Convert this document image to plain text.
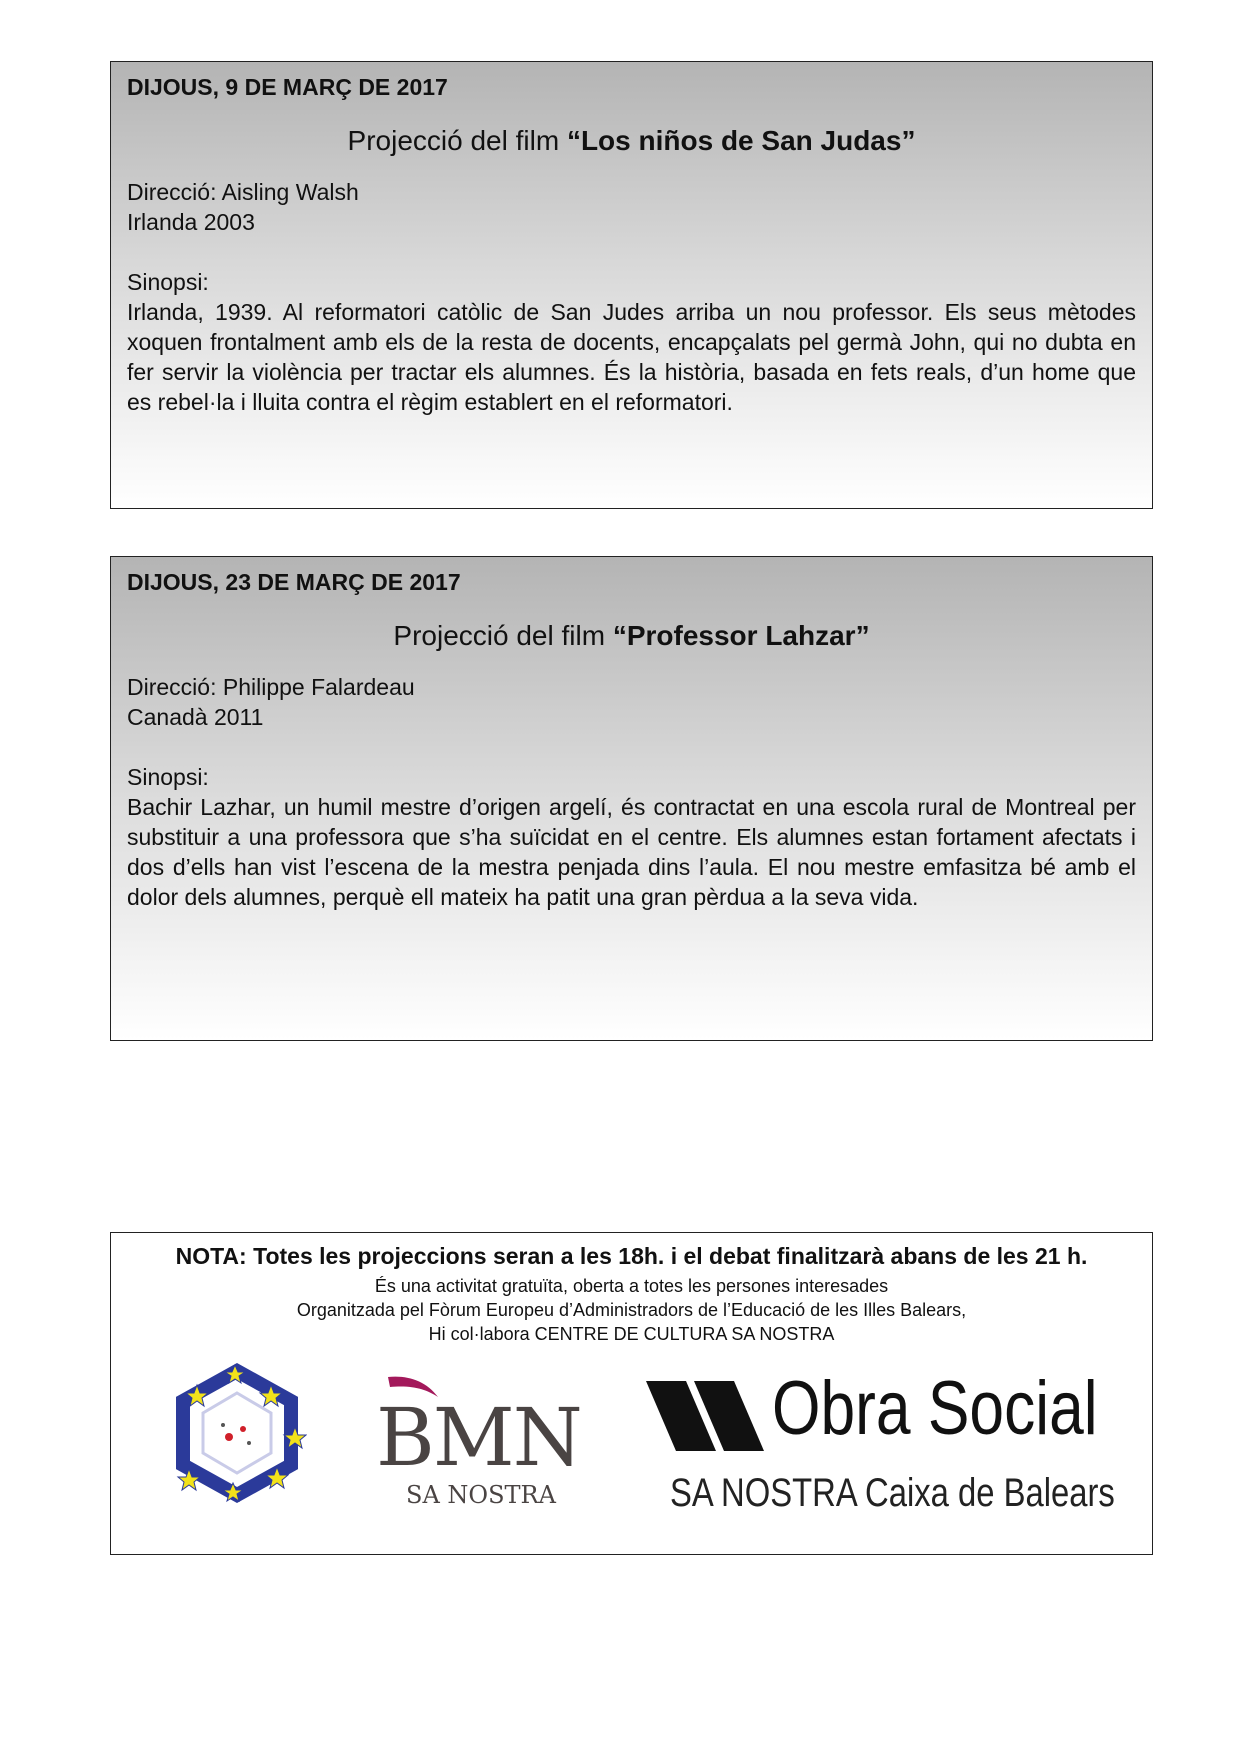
DIJOUS, 9 DE MARÇ DE 2017

Projecció del film “Los niños de San Judas”

Direcció: Aisling Walsh
Irlanda 2003

Sinopsi:

Irlanda, 1939. Al reformatori catòlic de San Judes arriba un nou professor. Els seus mètodes xoquen frontalment amb els de la resta de docents, encapçalats pel germà John, qui no dubta en fer servir la violència per tractar els alumnes. És la història, basada en fets reals, d’un home que es rebel·la i lluita contra el règim establert en el reformatori.

DIJOUS, 23 DE MARÇ DE 2017

Projecció del film “Professor Lahzar”

Direcció: Philippe Falardeau
Canadà 2011

Sinopsi:

Bachir Lazhar, un humil mestre d’origen argelí, és contractat en una escola rural de Montreal per substituir a una professora que s’ha suïcidat en el centre. Els alumnes estan fortament afectats i dos d’ells han vist l’escena de la mestra penjada dins l’aula. El nou mestre emfasitza bé amb el dolor dels alumnes, perquè ell mateix ha patit una gran pèrdua a la seva vida.

NOTA: Totes les projeccions seran a les 18h. i el debat finalitzarà abans de les 21 h.

És una activitat gratuïta, oberta a totes les persones interesades

Organitzada pel Fòrum Europeu d’Administradors de l’Educació de les Illes Balears,

Hi col·labora CENTRE DE CULTURA SA NOSTRA

BMN
SA NOSTRA
Obra Social
SA NOSTRA Caixa de Balears
